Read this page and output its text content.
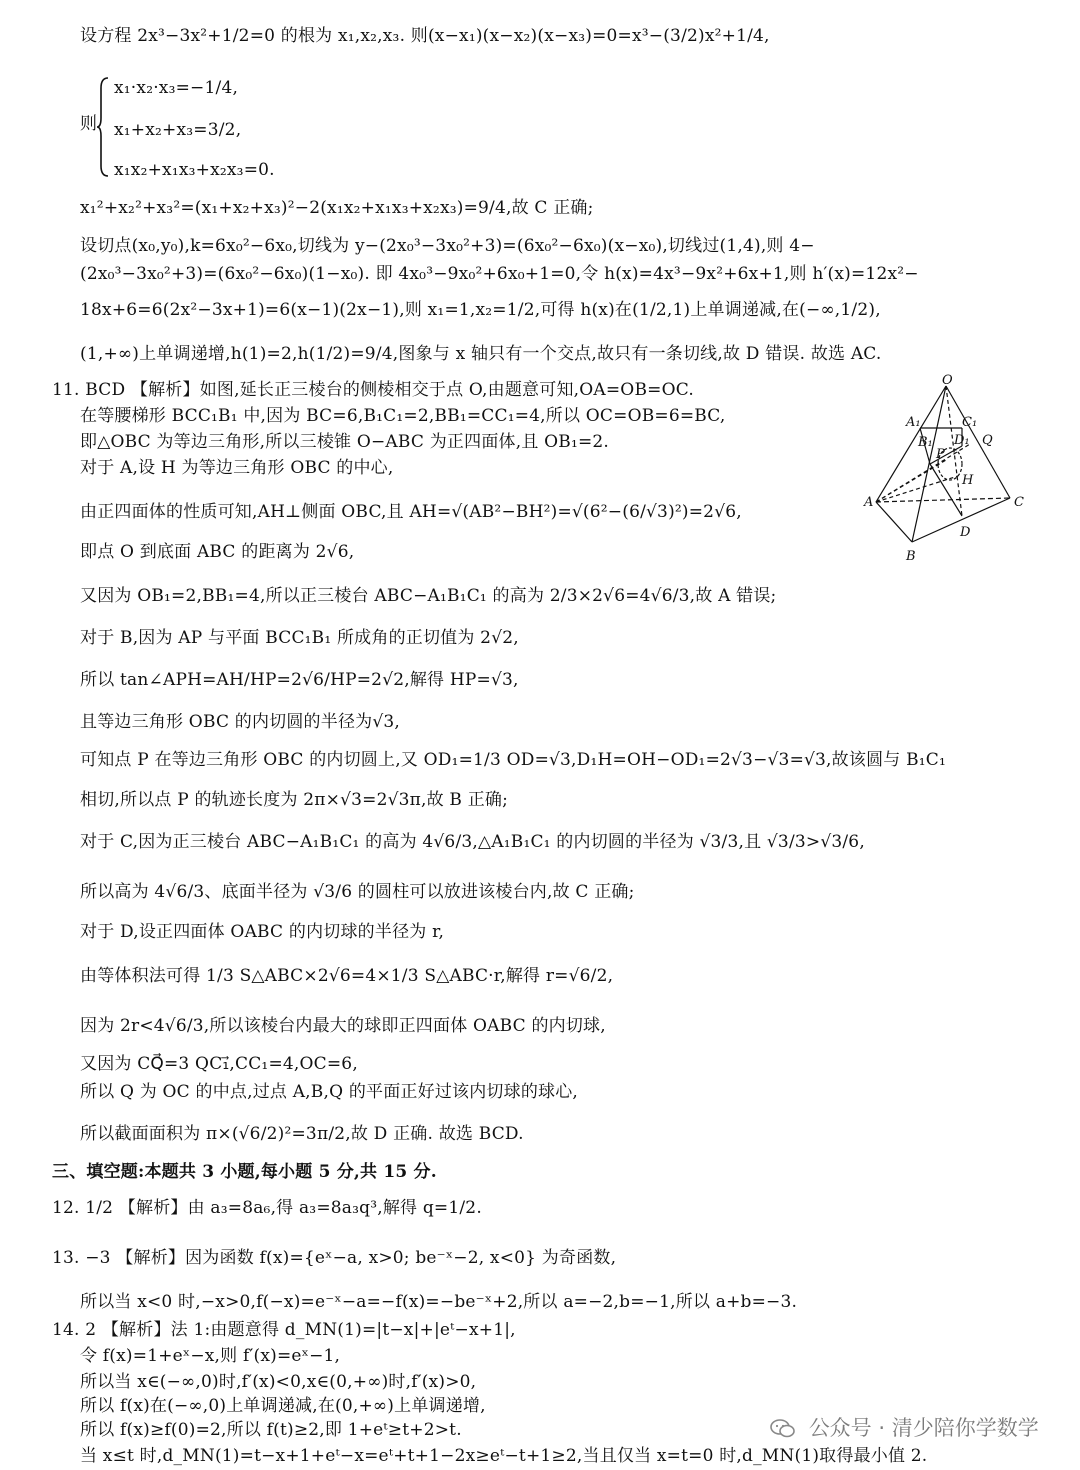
设方程 2x³−3x²+1/2=0 的根为 x₁,x₂,x₃. 则(x−x₁)(x−x₂)(x−x₃)=0=x³−(3/2)x²+1/4,
则
x₁·x₂·x₃=−1/4,
x₁+x₂+x₃=3/2,
x₁x₂+x₁x₃+x₂x₃=0.
x₁²+x₂²+x₃²=(x₁+x₂+x₃)²−2(x₁x₂+x₁x₃+x₂x₃)=9/4,故 C 正确;
设切点(x₀,y₀),k=6x₀²−6x₀,切线为 y−(2x₀³−3x₀²+3)=(6x₀²−6x₀)(x−x₀),切线过(1,4),则 4−
(2x₀³−3x₀²+3)=(6x₀²−6x₀)(1−x₀). 即 4x₀³−9x₀²+6x₀+1=0,令 h(x)=4x³−9x²+6x+1,则 h′(x)=12x²−
18x+6=6(2x²−3x+1)=6(x−1)(2x−1),则 x₁=1,x₂=1/2,可得 h(x)在(1/2,1)上单调递减,在(−∞,1/2),
(1,+∞)上单调递增,h(1)=2,h(1/2)=9/4,图象与 x 轴只有一个交点,故只有一条切线,故 D 错误. 故选 AC.
11. BCD 【解析】如图,延长正三棱台的侧棱相交于点 O,由题意可知,OA=OB=OC.
在等腰梯形 BCC₁B₁ 中,因为 BC=6,B₁C₁=2,BB₁=CC₁=4,所以 OC=OB=6=BC,
即△OBC 为等边三角形,所以三棱锥 O−ABC 为正四面体,且 OB₁=2.
对于 A,设 H 为等边三角形 OBC 的中心,
由正四面体的性质可知,AH⊥侧面 OBC,且 AH=√(AB²−BH²)=√(6²−(6/√3)²)=2√6,
即点 O 到底面 ABC 的距离为 2√6,
又因为 OB₁=2,BB₁=4,所以正三棱台 ABC−A₁B₁C₁ 的高为 2/3×2√6=4√6/3,故 A 错误;
对于 B,因为 AP 与平面 BCC₁B₁ 所成角的正切值为 2√2,
所以 tan∠APH=AH/HP=2√6/HP=2√2,解得 HP=√3,
且等边三角形 OBC 的内切圆的半径为√3,
可知点 P 在等边三角形 OBC 的内切圆上,又 OD₁=1/3 OD=√3,D₁H=OH−OD₁=2√3−√3=√3,故该圆与 B₁C₁
相切,所以点 P 的轨迹长度为 2π×√3=2√3π,故 B 正确;
对于 C,因为正三棱台 ABC−A₁B₁C₁ 的高为 4√6/3,△A₁B₁C₁ 的内切圆的半径为 √3/3,且 √3/3>√3/6,
所以高为 4√6/3、底面半径为 √3/6 的圆柱可以放进该棱台内,故 C 正确;
对于 D,设正四面体 OABC 的内切球的半径为 r,
由等体积法可得 1/3 S△ABC×2√6=4×1/3 S△ABC·r,解得 r=√6/2,
因为 2r<4√6/3,所以该棱台内最大的球即正四面体 OABC 的内切球,
又因为 CQ⃗=3 QC₁⃗,CC₁=4,OC=6,
所以 Q 为 OC 的中点,过点 A,B,Q 的平面正好过该内切球的球心,
所以截面面积为 π×(√6/2)²=3π/2,故 D 正确. 故选 BCD.
O
A₁	C₁
B₁ D₁ Q
P
H
A	C
B
D
三、填空题:本题共 3 小题,每小题 5 分,共 15 分.
12. 1/2 【解析】由 a₃=8a₆,得 a₃=8a₃q³,解得 q=1/2.
13. −3 【解析】因为函数 f(x)={eˣ−a, x>0; be⁻ˣ−2, x<0} 为奇函数,
所以当 x<0 时,−x>0,f(−x)=e⁻ˣ−a=−f(x)=−be⁻ˣ+2,所以 a=−2,b=−1,所以 a+b=−3.
14. 2 【解析】法 1:由题意得 d_MN(1)=|t−x|+|eᵗ−x+1|,
令 f(x)=1+eˣ−x,则 f′(x)=eˣ−1,
所以当 x∈(−∞,0)时,f′(x)<0,x∈(0,+∞)时,f′(x)>0,
所以 f(x)在(−∞,0)上单调递减,在(0,+∞)上单调递增,
所以 f(x)≥f(0)=2,所以 f(t)≥2,即 1+eᵗ≥t+2>t.
当 x≤t 时,d_MN(1)=t−x+1+eᵗ−x=eᵗ+t+1−2x≥eᵗ−t+1≥2,当且仅当 x=t=0 时,d_MN(1)取得最小值 2.
公众号 · 清少陪你学数学
